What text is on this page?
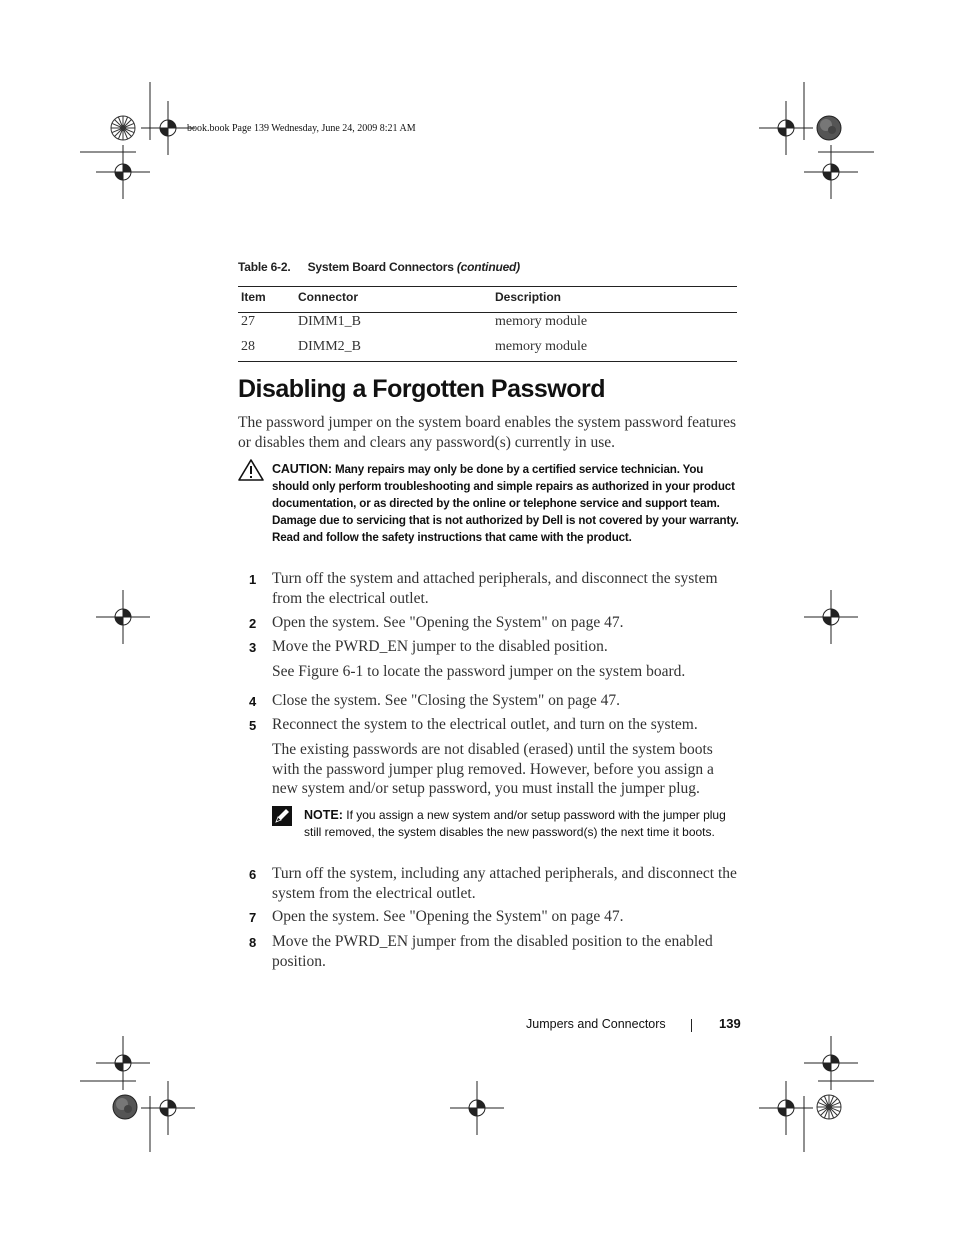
book.book Page 139 Wednesday, June 24, 2009 8:21 AM
Table 6-2. System Board Connectors (continued)
Item	Connector	Description
27	DIMM1_B	memory module
28	DIMM2_B	memory module
Disabling a Forgotten Password
The password jumper on the system board enables the system password features or disables them and clears any password(s) currently in use.
CAUTION: Many repairs may only be done by a certified service technician. You should only perform troubleshooting and simple repairs as authorized in your product documentation, or as directed by the online or telephone service and support team. Damage due to servicing that is not authorized by Dell is not covered by your warranty. Read and follow the safety instructions that came with the product.
1 Turn off the system and attached peripherals, and disconnect the system from the electrical outlet.
2 Open the system. See "Opening the System" on page 47.
3 Move the PWRD_EN jumper to the disabled position.
See Figure 6-1 to locate the password jumper on the system board.
4 Close the system. See "Closing the System" on page 47.
5 Reconnect the system to the electrical outlet, and turn on the system.
The existing passwords are not disabled (erased) until the system boots with the password jumper plug removed. However, before you assign a new system and/or setup password, you must install the jumper plug.
NOTE: If you assign a new system and/or setup password with the jumper plug still removed, the system disables the new password(s) the next time it boots.
6 Turn off the system, including any attached peripherals, and disconnect the system from the electrical outlet.
7 Open the system. See "Opening the System" on page 47.
8 Move the PWRD_EN jumper from the disabled position to the enabled position.
Jumpers and Connectors	139
